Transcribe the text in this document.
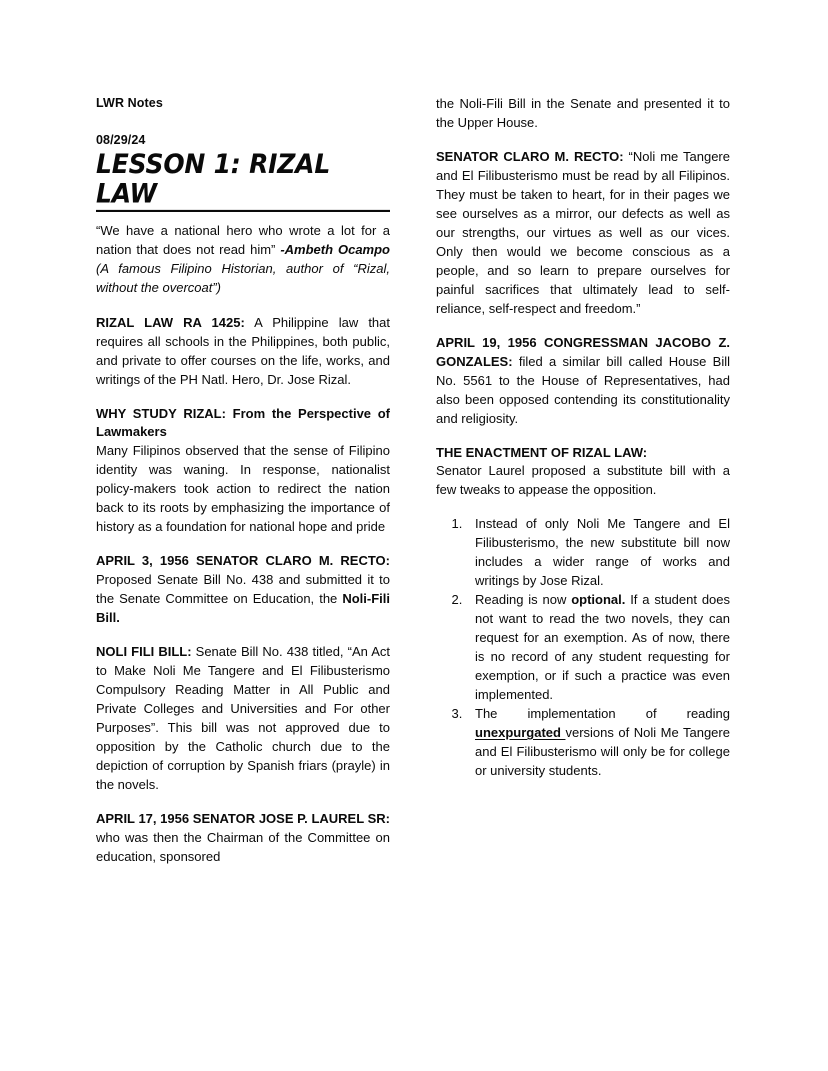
LWR Notes
08/29/24
LESSON 1: RIZAL LAW

“We have a national hero who wrote a lot for a nation that does not read him” -Ambeth Ocampo (A famous Filipino Historian, author of “Rizal, without the overcoat”)

RIZAL LAW RA 1425: A Philippine law that requires all schools in the Philippines, both public, and private to offer courses on the life, works, and writings of the PH Natl. Hero, Dr. Jose Rizal.

WHY STUDY RIZAL: From the Perspective of Lawmakers

Many Filipinos observed that the sense of Filipino identity was waning. In response, nationalist policy-makers took action to redirect the nation back to its roots by emphasizing the importance of history as a foundation for national hope and pride

APRIL 3, 1956 SENATOR CLARO M. RECTO: Proposed Senate Bill No. 438 and submitted it to the Senate Committee on Education, the Noli-Fili Bill.

NOLI FILI BILL: Senate Bill No. 438 titled, “An Act to Make Noli Me Tangere and El Filibusterismo Compulsory Reading Matter in All Public and Private Colleges and Universities and For other Purposes”. This bill was not approved due to opposition by the Catholic church due to the depiction of corruption by Spanish friars (prayle) in the novels.

APRIL 17, 1956 SENATOR JOSE P. LAUREL SR: who was then the Chairman of the Committee on education, sponsored

the Noli-Fili Bill in the Senate and presented it to the Upper House.

SENATOR CLARO M. RECTO: “Noli me Tangere and El Filibusterismo must be read by all Filipinos. They must be taken to heart, for in their pages we see ourselves as a mirror, our defects as well as our strengths, our virtues as well as our vices. Only then would we become conscious as a people, and so learn to prepare ourselves for painful sacrifices that ultimately lead to self-reliance, self-respect and freedom.”

APRIL 19, 1956 CONGRESSMAN JACOBO Z. GONZALES: filed a similar bill called House Bill No. 5561 to the House of Representatives, had also been opposed contending its constitutionality and religiosity.

THE ENACTMENT OF RIZAL LAW:

Senator Laurel proposed a substitute bill with a few tweaks to appease the opposition.

1. Instead of only Noli Me Tangere and El Filibusterismo, the new substitute bill now includes a wider range of works and writings by Jose Rizal.
2. Reading is now optional. If a student does not want to read the two novels, they can request for an exemption. As of now, there is no record of any student requesting for exemption, or if such a practice was even implemented.
3. The implementation of reading unexpurgated versions of Noli Me Tangere and El Filibusterismo will only be for college or university students.
